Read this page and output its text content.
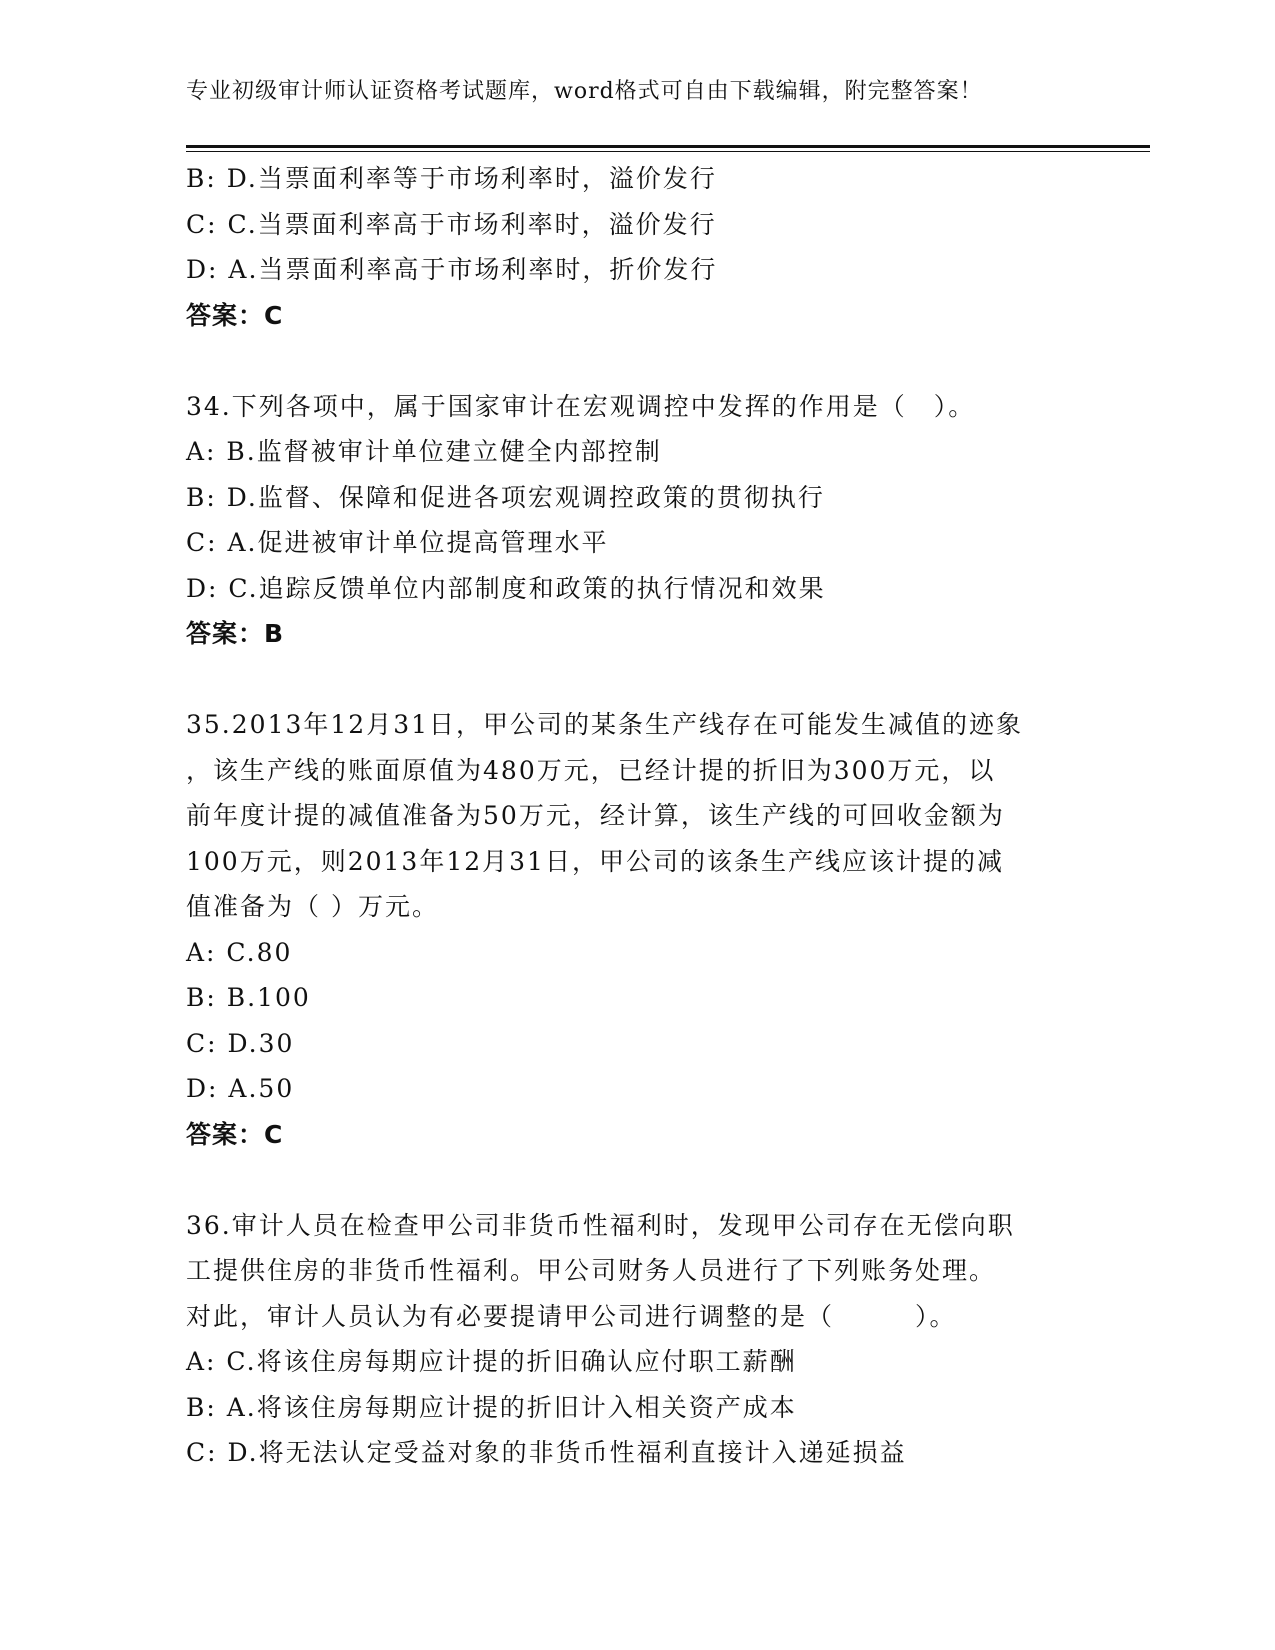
专业初级审计师认证资格考试题库，word格式可自由下载编辑，附完整答案！
B: D.当票面利率等于市场利率时，溢价发行
C: C.当票面利率高于市场利率时，溢价发行
D: A.当票面利率高于市场利率时，折价发行
答案：C
34.下列各项中，属于国家审计在宏观调控中发挥的作用是（　）。
A: B.监督被审计单位建立健全内部控制
B: D.监督、保障和促进各项宏观调控政策的贯彻执行
C: A.促进被审计单位提高管理水平
D: C.追踪反馈单位内部制度和政策的执行情况和效果
答案：B
35.2013年12月31日，甲公司的某条生产线存在可能发生减值的迹象
，该生产线的账面原值为480万元，已经计提的折旧为300万元，以
前年度计提的减值准备为50万元，经计算，该生产线的可回收金额为
100万元，则2013年12月31日，甲公司的该条生产线应该计提的减
值准备为（ ）万元。
A: C.80
B: B.100
C: D.30
D: A.50
答案：C
36.审计人员在检查甲公司非货币性福利时，发现甲公司存在无偿向职
工提供住房的非货币性福利。甲公司财务人员进行了下列账务处理。
对此，审计人员认为有必要提请甲公司进行调整的是（　　　）。
A: C.将该住房每期应计提的折旧确认应付职工薪酬
B: A.将该住房每期应计提的折旧计入相关资产成本
C: D.将无法认定受益对象的非货币性福利直接计入递延损益
